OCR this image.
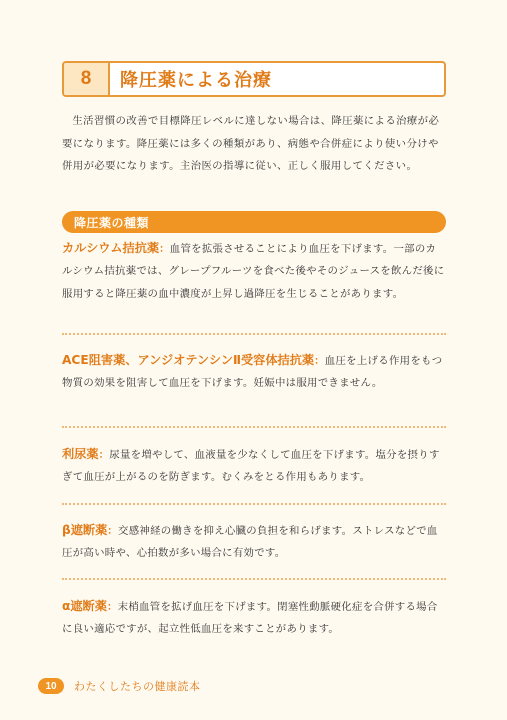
8	降圧薬による治療

生活習慣の改善で目標降圧レベルに達しない場合は、降圧薬による治療が必要になります。降圧薬には多くの種類があり、病態や合併症により使い分けや併用が必要になります。主治医の指導に従い、正しく服用してください。

降圧薬の種類
カルシウム拮抗薬：血管を拡張させることにより血圧を下げます。一部のカルシウム拮抗薬では、グレープフルーツを食べた後やそのジュースを飲んだ後に服用すると降圧薬の血中濃度が上昇し過降圧を生じることがあります。
ACE阻害薬、アンジオテンシンⅡ受容体拮抗薬：血圧を上げる作用をもつ物質の効果を阻害して血圧を下げます。妊娠中は服用できません。
利尿薬：尿量を増やして、血液量を少なくして血圧を下げます。塩分を摂りすぎて血圧が上がるのを防ぎます。むくみをとる作用もあります。
β遮断薬：交感神経の働きを抑え心臓の負担を和らげます。ストレスなどで血圧が高い時や、心拍数が多い場合に有効です。
α遮断薬：末梢血管を拡げ血圧を下げます。閉塞性動脈硬化症を合併する場合に良い適応ですが、起立性低血圧を来すことがあります。
10	わたくしたちの健康読本
